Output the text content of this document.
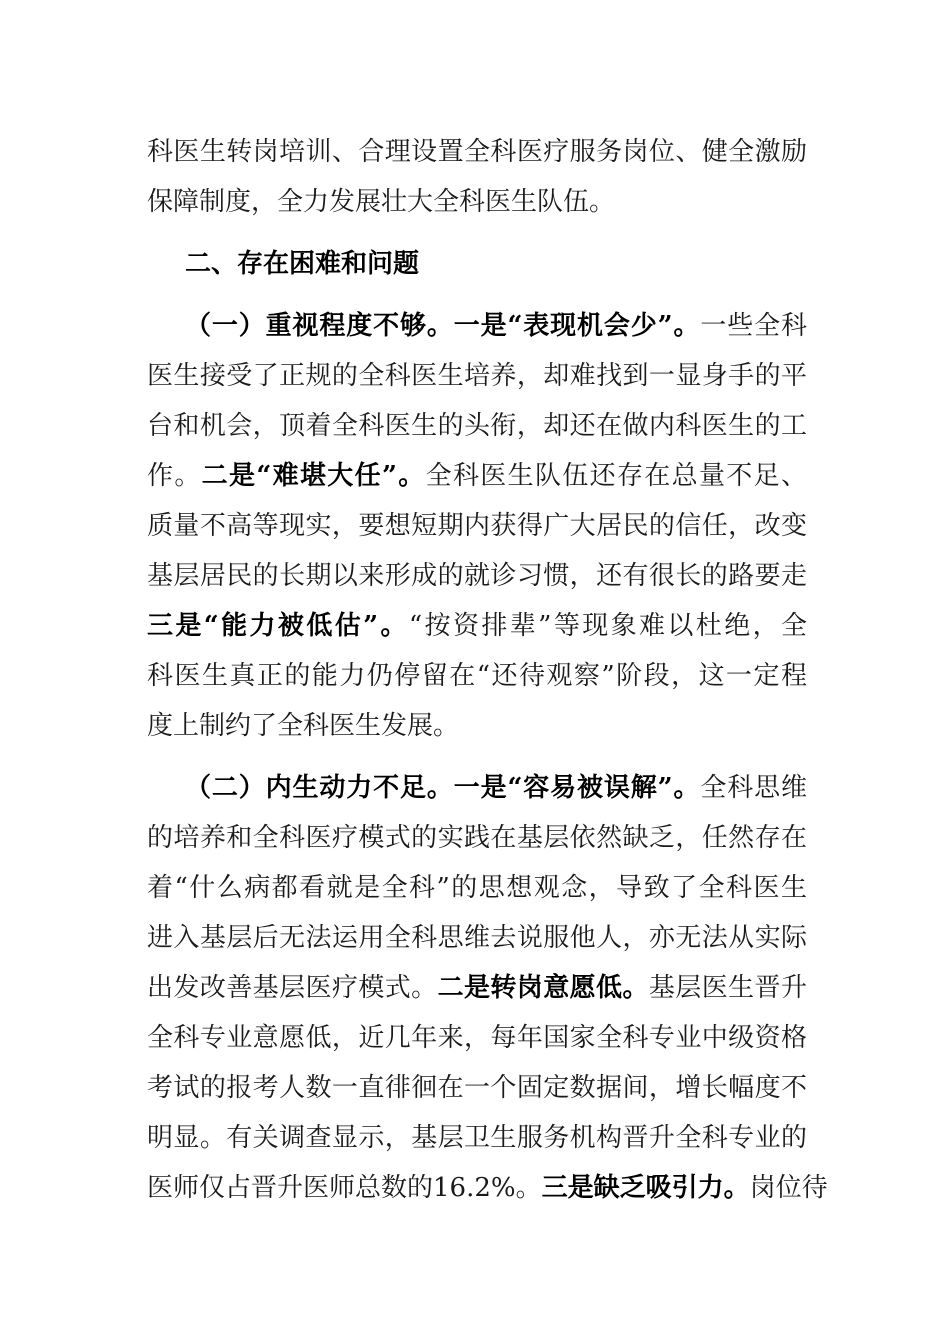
科医生转岗培训、合理设置全科医疗服务岗位、健全激励
保障制度，全力发展壮大全科医生队伍。
二、存在困难和问题
（一）重视程度不够。一是“表现机会少”。一些全科
医生接受了正规的全科医生培养，却难找到一显身手的平
台和机会，顶着全科医生的头衔，却还在做内科医生的工
作。二是“难堪大任”。全科医生队伍还存在总量不足、
质量不高等现实，要想短期内获得广大居民的信任，改变
基层居民的长期以来形成的就诊习惯，还有很长的路要走
三是“能力被低估”。“按资排辈”等现象难以杜绝，全
科医生真正的能力仍停留在“还待观察”阶段，这一定程
度上制约了全科医生发展。
（二）内生动力不足。一是“容易被误解”。全科思维
的培养和全科医疗模式的实践在基层依然缺乏，任然存在
着“什么病都看就是全科”的思想观念，导致了全科医生
进入基层后无法运用全科思维去说服他人，亦无法从实际
出发改善基层医疗模式。二是转岗意愿低。基层医生晋升
全科专业意愿低，近几年来，每年国家全科专业中级资格
考试的报考人数一直徘徊在一个固定数据间，增长幅度不
明显。有关调查显示，基层卫生服务机构晋升全科专业的
医师仅占晋升医师总数的16.2%。三是缺乏吸引力。岗位待
